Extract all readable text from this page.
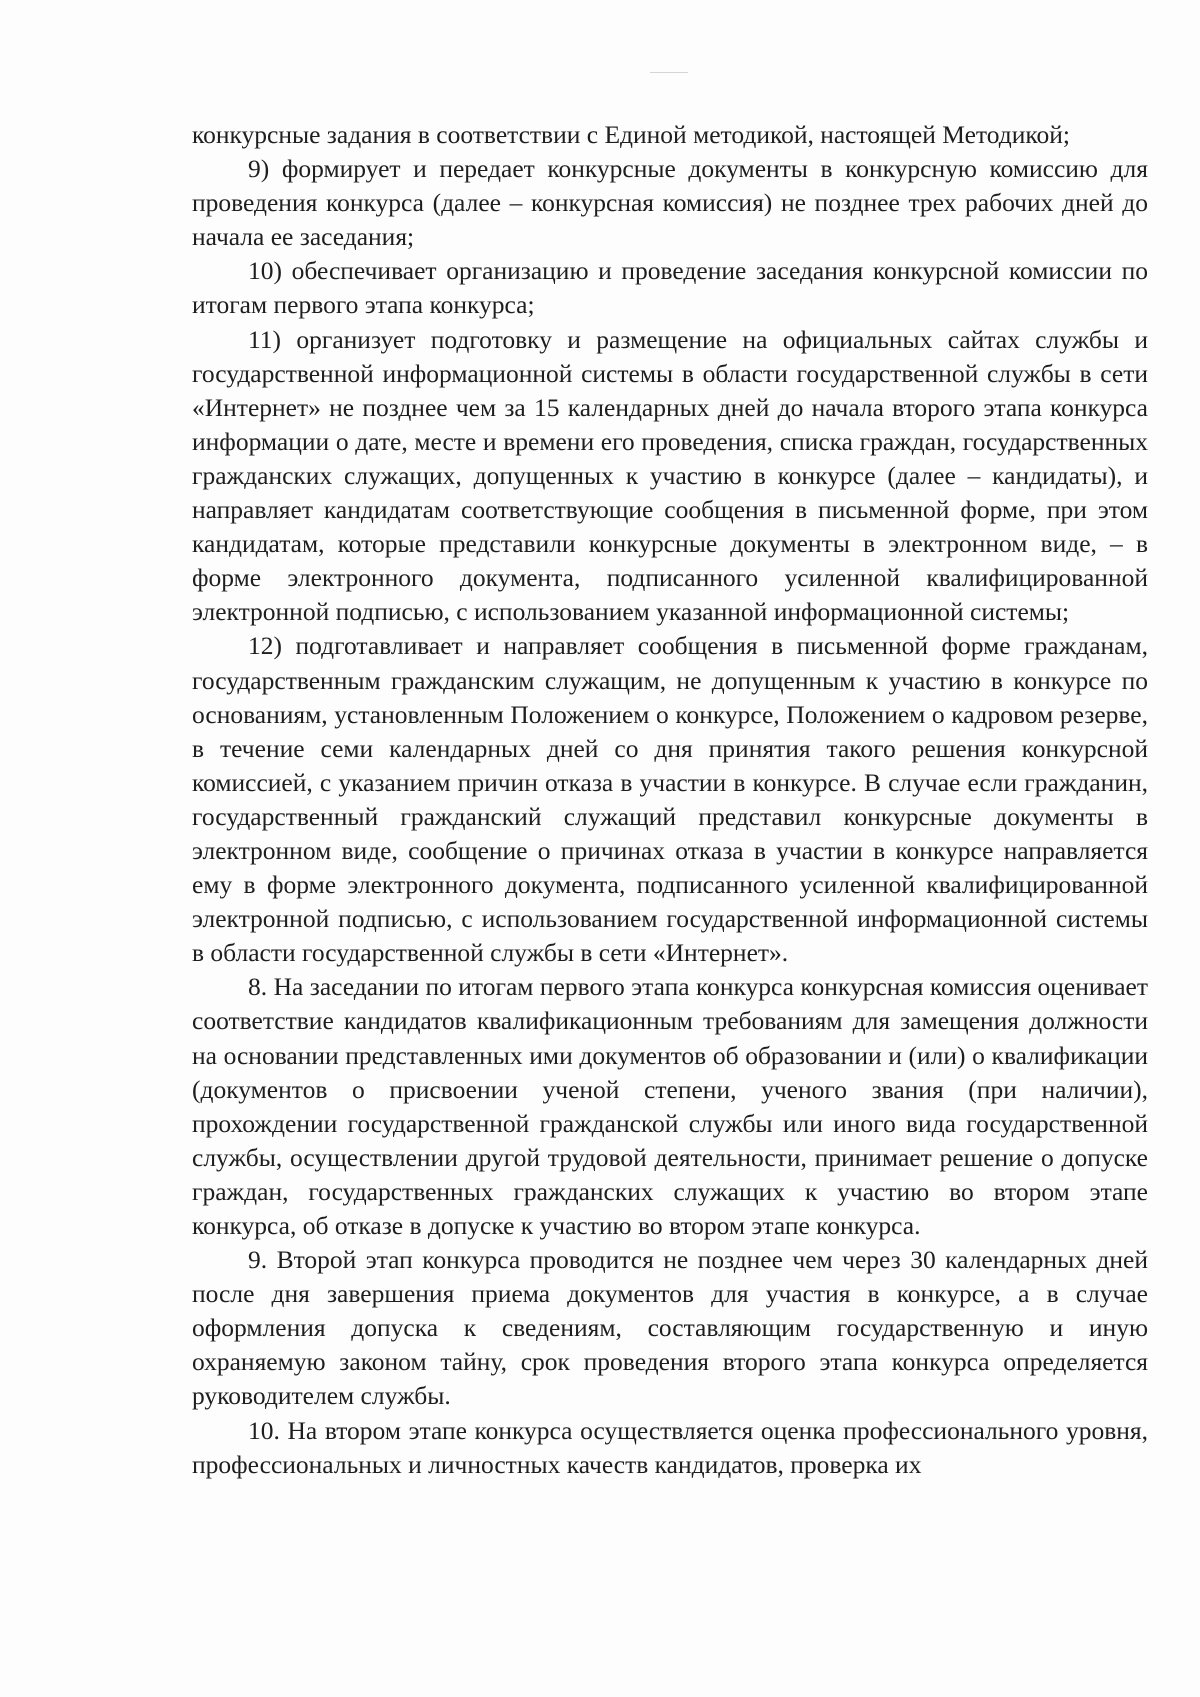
конкурсные задания в соответствии с Единой методикой, настоящей Методикой;

9) формирует и передает конкурсные документы в конкурсную комиссию для проведения конкурса (далее – конкурсная комиссия) не позднее трех рабочих дней до начала ее заседания;

10) обеспечивает организацию и проведение заседания конкурсной комиссии по итогам первого этапа конкурса;

11) организует подготовку и размещение на официальных сайтах службы и государственной информационной системы в области государственной службы в сети «Интернет» не позднее чем за 15 календарных дней до начала второго этапа конкурса информации о дате, месте и времени его проведения, списка граждан, государственных гражданских служащих, допущенных к участию в конкурсе (далее – кандидаты), и направляет кандидатам соответствующие сообщения в письменной форме, при этом кандидатам, которые представили конкурсные документы в электронном виде, – в форме электронного документа, подписанного усиленной квалифицированной электронной подписью, с использованием указанной информационной системы;

12) подготавливает и направляет сообщения в письменной форме гражданам, государственным гражданским служащим, не допущенным к участию в конкурсе по основаниям, установленным Положением о конкурсе, Положением о кадровом резерве, в течение семи календарных дней со дня принятия такого решения конкурсной комиссией, с указанием причин отказа в участии в конкурсе. В случае если гражданин, государственный гражданский служащий представил конкурсные документы в электронном виде, сообщение о причинах отказа в участии в конкурсе направляется ему в форме электронного документа, подписанного усиленной квалифицированной электронной подписью, с использованием государственной информационной системы в области государственной службы в сети «Интернет».

8. На заседании по итогам первого этапа конкурса конкурсная комиссия оценивает соответствие кандидатов квалификационным требованиям для замещения должности на основании представленных ими документов об образовании и (или) о квалификации (документов о присвоении ученой степени, ученого звания (при наличии), прохождении государственной гражданской службы или иного вида государственной службы, осуществлении другой трудовой деятельности, принимает решение о допуске граждан, государственных гражданских служащих к участию во втором этапе конкурса, об отказе в допуске к участию во втором этапе конкурса.

9. Второй этап конкурса проводится не позднее чем через 30 календарных дней после дня завершения приема документов для участия в конкурсе, а в случае оформления допуска к сведениям, составляющим государственную и иную охраняемую законом тайну, срок проведения второго этапа конкурса определяется руководителем службы.

10. На втором этапе конкурса осуществляется оценка профессионального уровня, профессиональных и личностных качеств кандидатов, проверка их
